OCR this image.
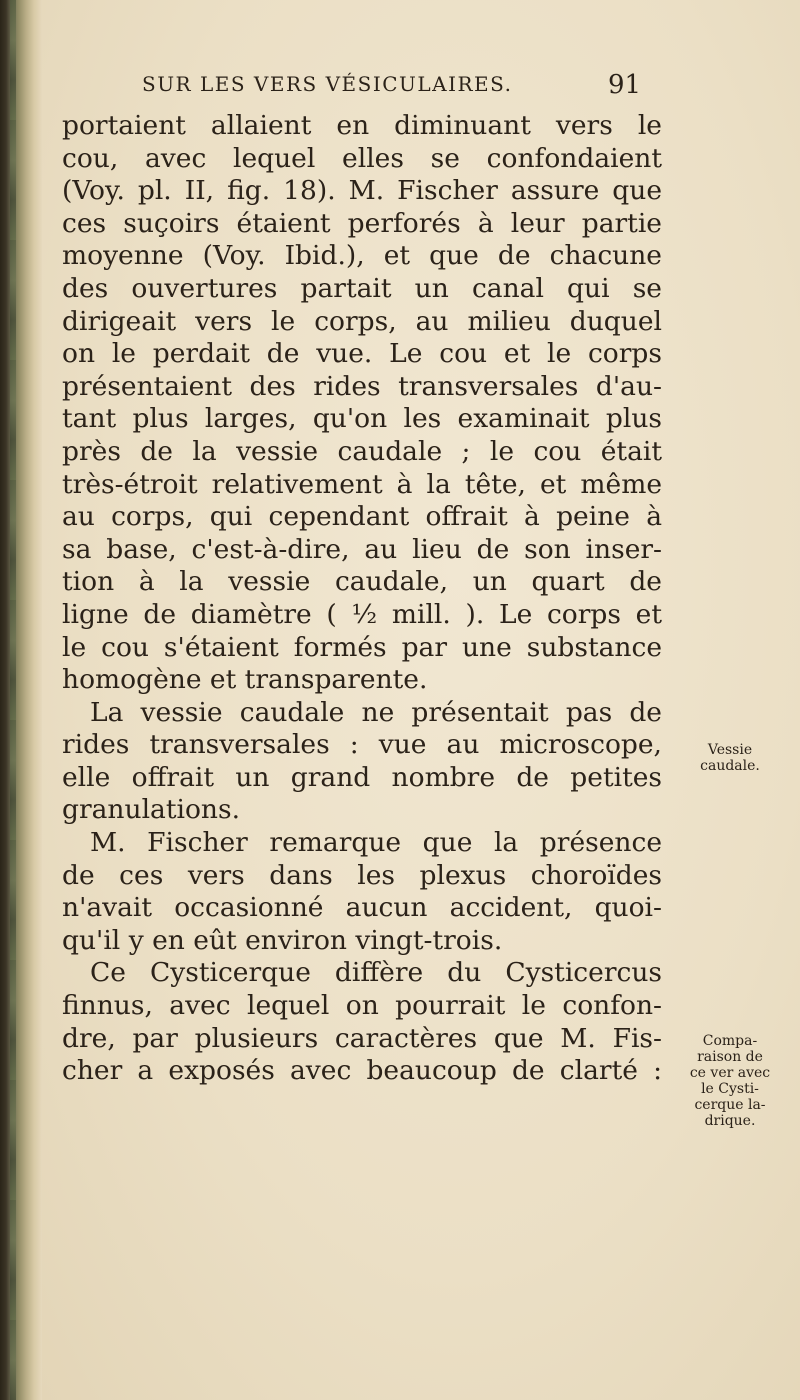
SUR LES VERS VÉSICULAIRES.	91
portaient allaient en diminuant vers le
cou, avec lequel elles se confondaient
(Voy. pl. II, fig. 18). M. Fischer assure que
ces suçoirs étaient perforés à leur partie
moyenne (Voy. Ibid.), et que de chacune
des ouvertures partait un canal qui se
dirigeait vers le corps, au milieu duquel
on le perdait de vue. Le cou et le corps
présentaient des rides transversales d'au-
tant plus larges, qu'on les examinait plus
près de la vessie caudale ; le cou était
très-étroit relativement à la tête, et même
au corps, qui cependant offrait à peine à
sa base, c'est-à-dire, au lieu de son inser-
tion à la vessie caudale, un quart de
ligne de diamètre ( ½ mill. ). Le corps et
le cou s'étaient formés par une substance
homogène et transparente.
La vessie caudale ne présentait pas de
rides transversales : vue au microscope,
elle offrait un grand nombre de petites
granulations.
M. Fischer remarque que la présence
de ces vers dans les plexus choroïdes
n'avait occasionné aucun accident, quoi-
qu'il y en eût environ vingt-trois.
Ce Cysticerque diffère du Cysticercus
finnus, avec lequel on pourrait le confon-
dre, par plusieurs caractères que M. Fis-
cher a exposés avec beaucoup de clarté :
Vessie
caudale.
Compa-
raison de
ce ver avec
le Cysti-
cerque la-
drique.
